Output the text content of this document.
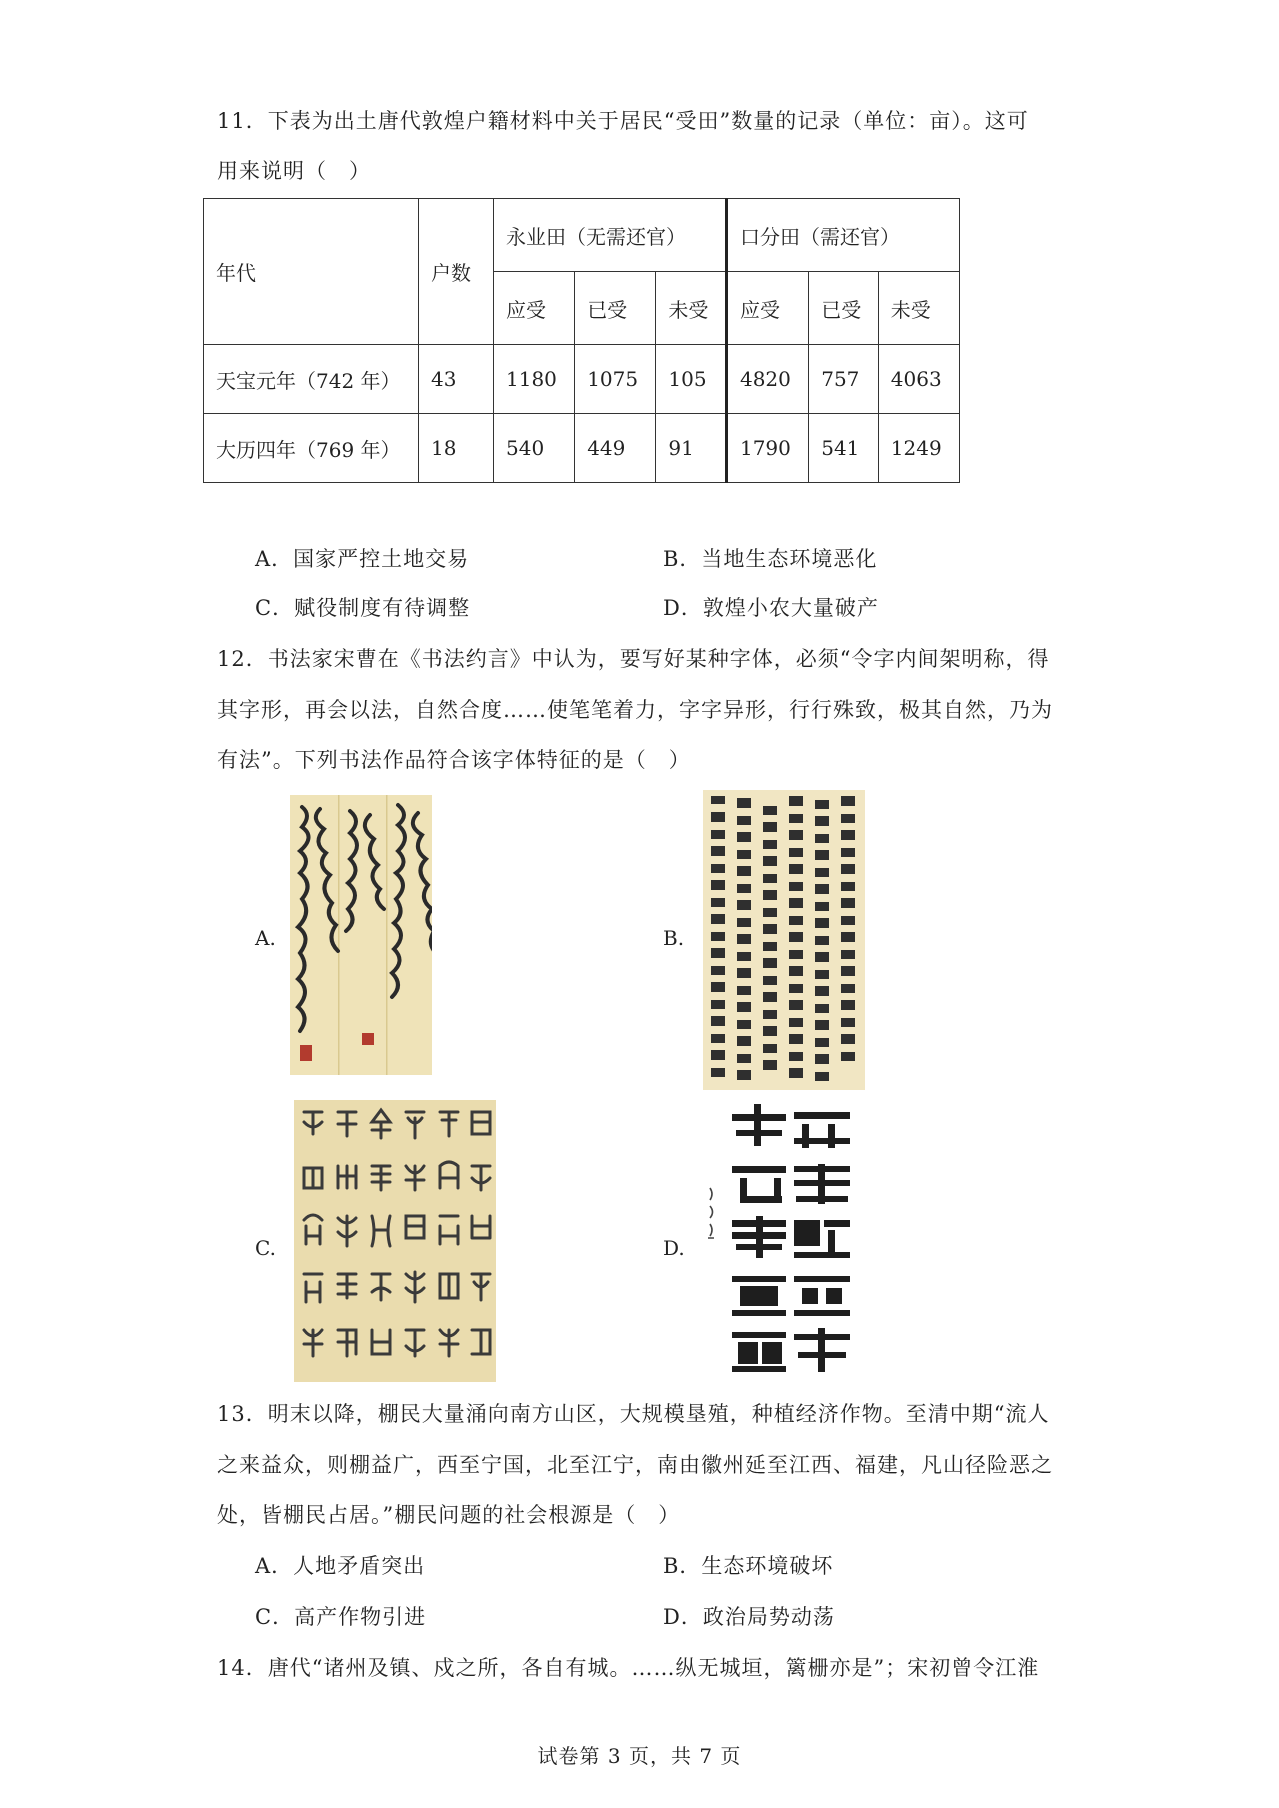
11．下表为出土唐代敦煌户籍材料中关于居民“受田”数量的记录（单位：亩）。这可
用来说明（　）
年代	户数	永业田（无需还官）			口分田（需还官）		
		应受	已受	未受	应受	已受	未受
天宝元年（742 年）	43	1180	1075	105	4820	757	4063
大历四年（769 年）	18	540	449	91	1790	541	1249
A．国家严控土地交易	B．当地生态环境恶化
C．赋役制度有待调整	D．敦煌小农大量破产
12．书法家宋曹在《书法约言》中认为，要写好某种字体，必须“令字内间架明称，得
其字形，再会以法，自然合度……使笔笔着力，字字异形，行行殊致，极其自然，乃为
有法”。下列书法作品符合该字体特征的是（　）
A.	B.
C.	D.
13．明末以降，棚民大量涌向南方山区，大规模垦殖，种植经济作物。至清中期“流人
之来益众，则棚益广，西至宁国，北至江宁，南由徽州延至江西、福建，凡山径险恶之
处，皆棚民占居。”棚民问题的社会根源是（　）
A．人地矛盾突出	B．生态环境破坏
C．高产作物引进	D．政治局势动荡
14．唐代“诸州及镇、戍之所，各自有城。……纵无城垣，篱栅亦是”；宋初曾令江淮
试卷第 3 页，共 7 页
